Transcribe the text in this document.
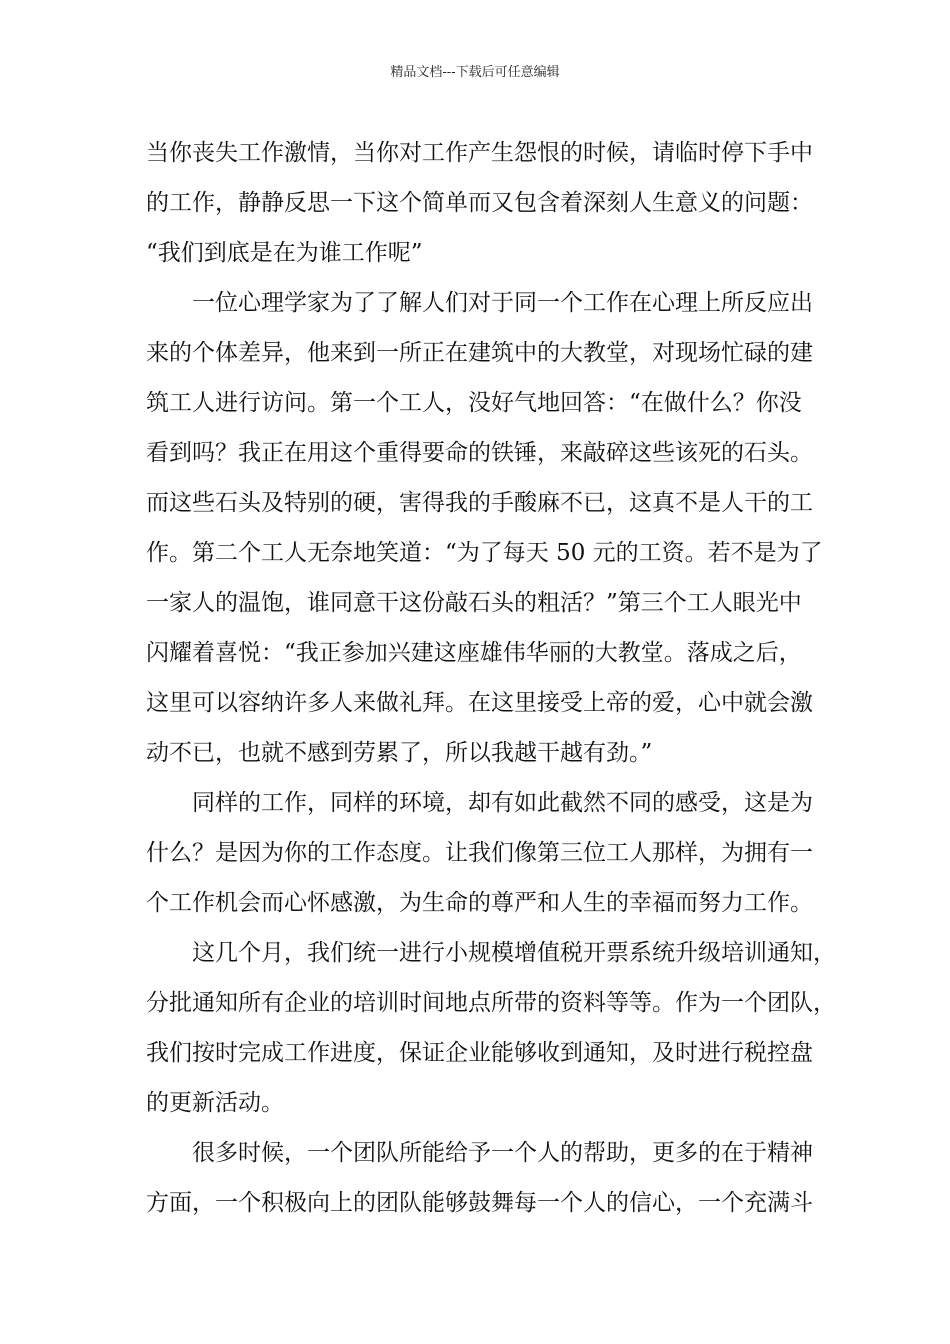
精品文档---下载后可任意编辑
当你丧失工作激情，当你对工作产生怨恨的时候，请临时停下手中
的工作，静静反思一下这个简单而又包含着深刻人生意义的问题：
“我们到底是在为谁工作呢”
一位心理学家为了了解人们对于同一个工作在心理上所反应出
来的个体差异，他来到一所正在建筑中的大教堂，对现场忙碌的建
筑工人进行访问。第一个工人，没好气地回答：“在做什么？你没
看到吗？我正在用这个重得要命的铁锤，来敲碎这些该死的石头。
而这些石头及特别的硬，害得我的手酸麻不已，这真不是人干的工
作。第二个工人无奈地笑道：“为了每天 50 元的工资。若不是为了
一家人的温饱，谁同意干这份敲石头的粗活？”第三个工人眼光中
闪耀着喜悦：“我正参加兴建这座雄伟华丽的大教堂。落成之后，
这里可以容纳许多人来做礼拜。在这里接受上帝的爱，心中就会激
动不已，也就不感到劳累了，所以我越干越有劲。”
同样的工作，同样的环境，却有如此截然不同的感受，这是为
什么？是因为你的工作态度。让我们像第三位工人那样，为拥有一
个工作机会而心怀感激，为生命的尊严和人生的幸福而努力工作。
这几个月，我们统一进行小规模增值税开票系统升级培训通知，
分批通知所有企业的培训时间地点所带的资料等等。作为一个团队，
我们按时完成工作进度，保证企业能够收到通知，及时进行税控盘
的更新活动。
很多时候，一个团队所能给予一个人的帮助，更多的在于精神
方面，一个积极向上的团队能够鼓舞每一个人的信心，一个充满斗
